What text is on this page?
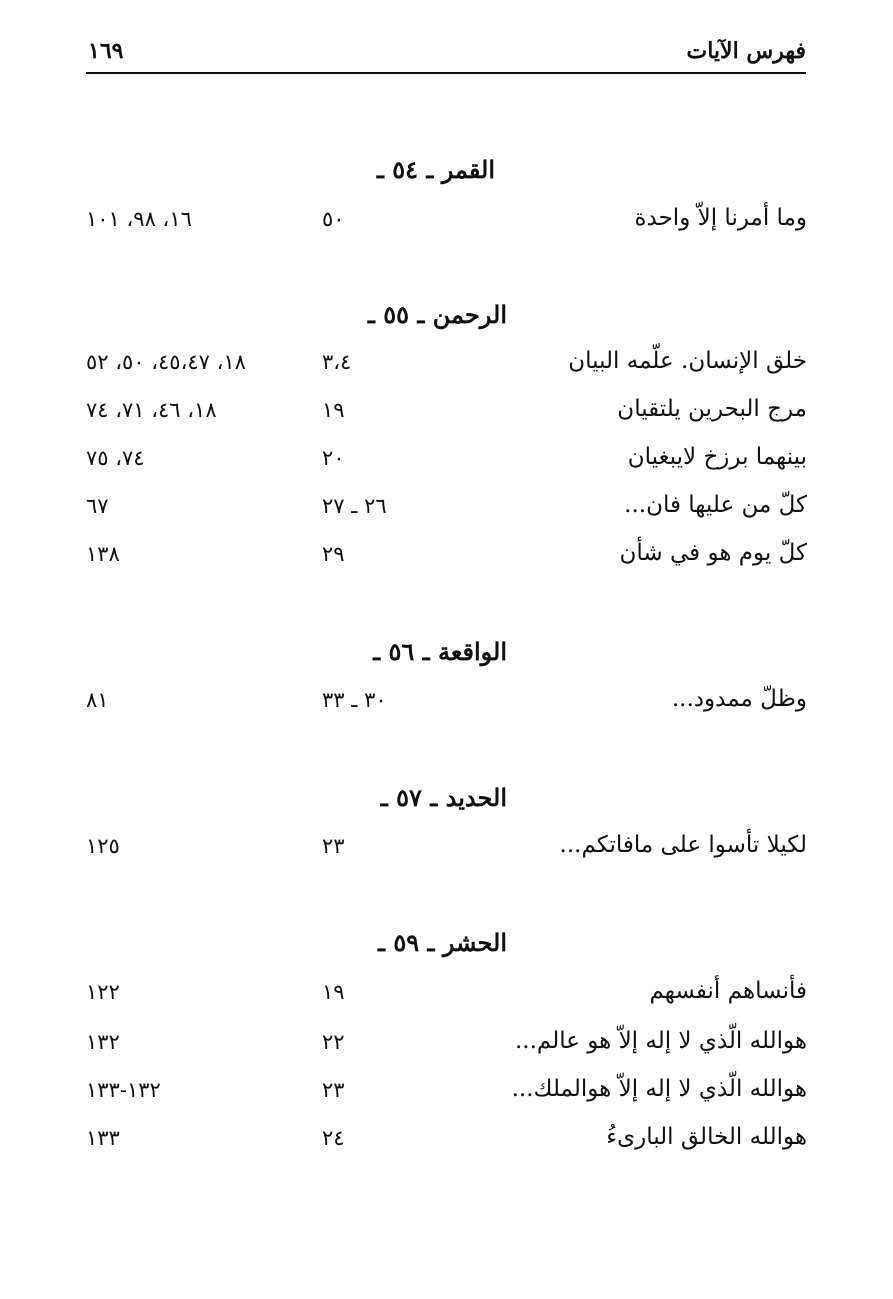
فهرس الآيات
١٦٩
القمر ـ ٥٤ ـ
وما أمرنا إلاّ واحدة
٥٠
١٦، ٩٨، ١٠١
الرحمن ـ ٥٥ ـ
خلق الإنسان. علّمه البيان
٣،٤
١٨، ٤٥،٤٧، ٥٠، ٥٢
مرج البحرين يلتقيان
١٩
١٨، ٤٦، ٧١، ٧٤
بينهما برزخ لايبغيان
٢٠
٧٤، ٧٥
كلّ من عليها فان...
٢٦ ـ ٢٧
٦٧
كلّ يوم هو في شأن
٢٩
١٣٨
الواقعة ـ ٥٦ ـ
وظلّ ممدود...
٣٠ ـ ٣٣
٨١
الحديد ـ ٥٧ ـ
لكيلا تأسوا على مافاتكم...
٢٣
١٢٥
الحشر ـ ٥٩ ـ
فأنساهم أنفسهم
١٩
١٢٢
هوالله الّذي لا إله إلاّ هو عالم...
٢٢
١٣٢
هوالله الّذي لا إله إلاّ هوالملك...
٢٣
١٣٢-١٣٣
هوالله الخالق البارىءُ
٢٤
١٣٣
